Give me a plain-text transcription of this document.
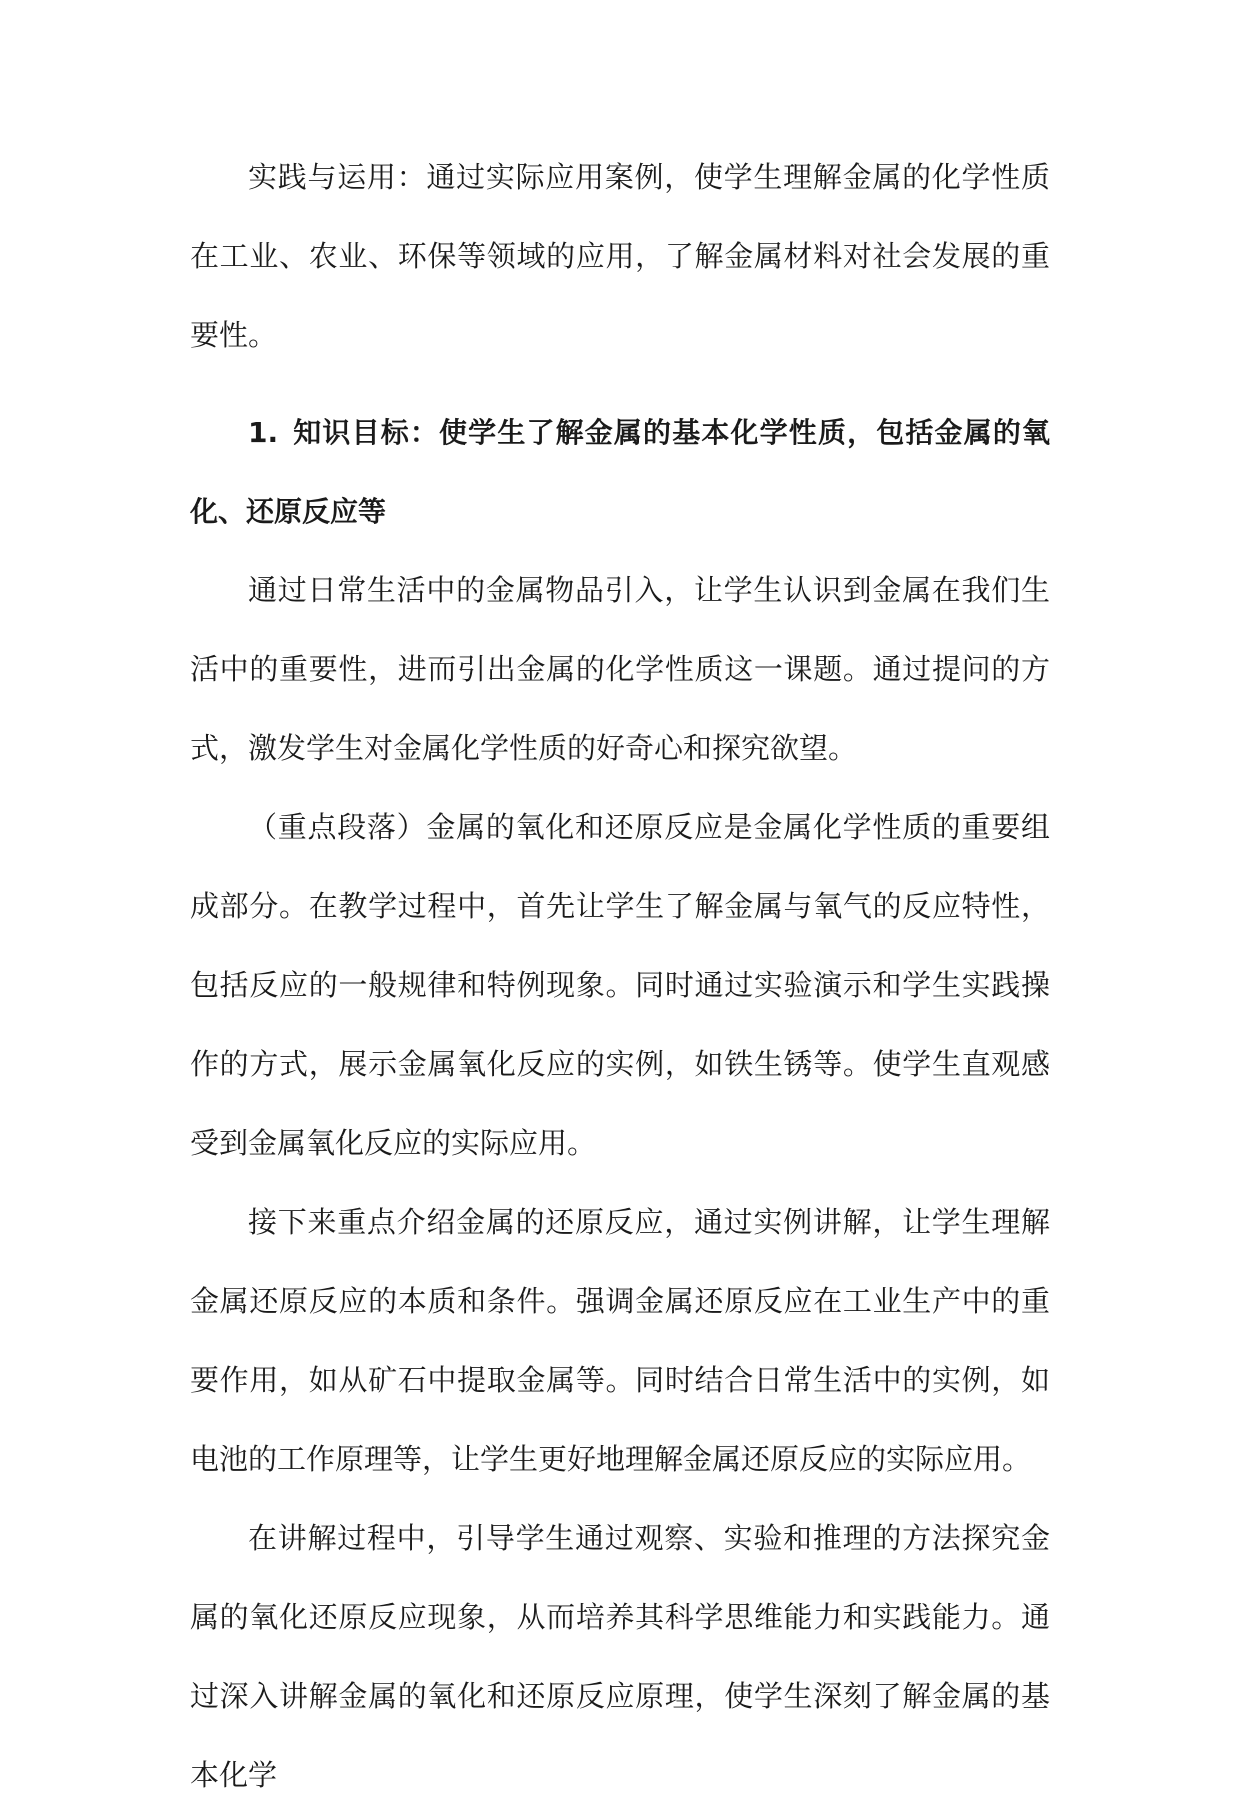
实践与运用：通过实际应用案例，使学生理解金属的化学性质在工业、农业、环保等领域的应用，了解金属材料对社会发展的重要性。

1. 知识目标：使学生了解金属的基本化学性质，包括金属的氧化、还原反应等

通过日常生活中的金属物品引入，让学生认识到金属在我们生活中的重要性，进而引出金属的化学性质这一课题。通过提问的方式，激发学生对金属化学性质的好奇心和探究欲望。

（重点段落）金属的氧化和还原反应是金属化学性质的重要组成部分。在教学过程中，首先让学生了解金属与氧气的反应特性，包括反应的一般规律和特例现象。同时通过实验演示和学生实践操作的方式，展示金属氧化反应的实例，如铁生锈等。使学生直观感受到金属氧化反应的实际应用。

接下来重点介绍金属的还原反应，通过实例讲解，让学生理解金属还原反应的本质和条件。强调金属还原反应在工业生产中的重要作用，如从矿石中提取金属等。同时结合日常生活中的实例，如电池的工作原理等，让学生更好地理解金属还原反应的实际应用。

在讲解过程中，引导学生通过观察、实验和推理的方法探究金属的氧化还原反应现象，从而培养其科学思维能力和实践能力。通过深入讲解金属的氧化和还原反应原理，使学生深刻了解金属的基本化学
